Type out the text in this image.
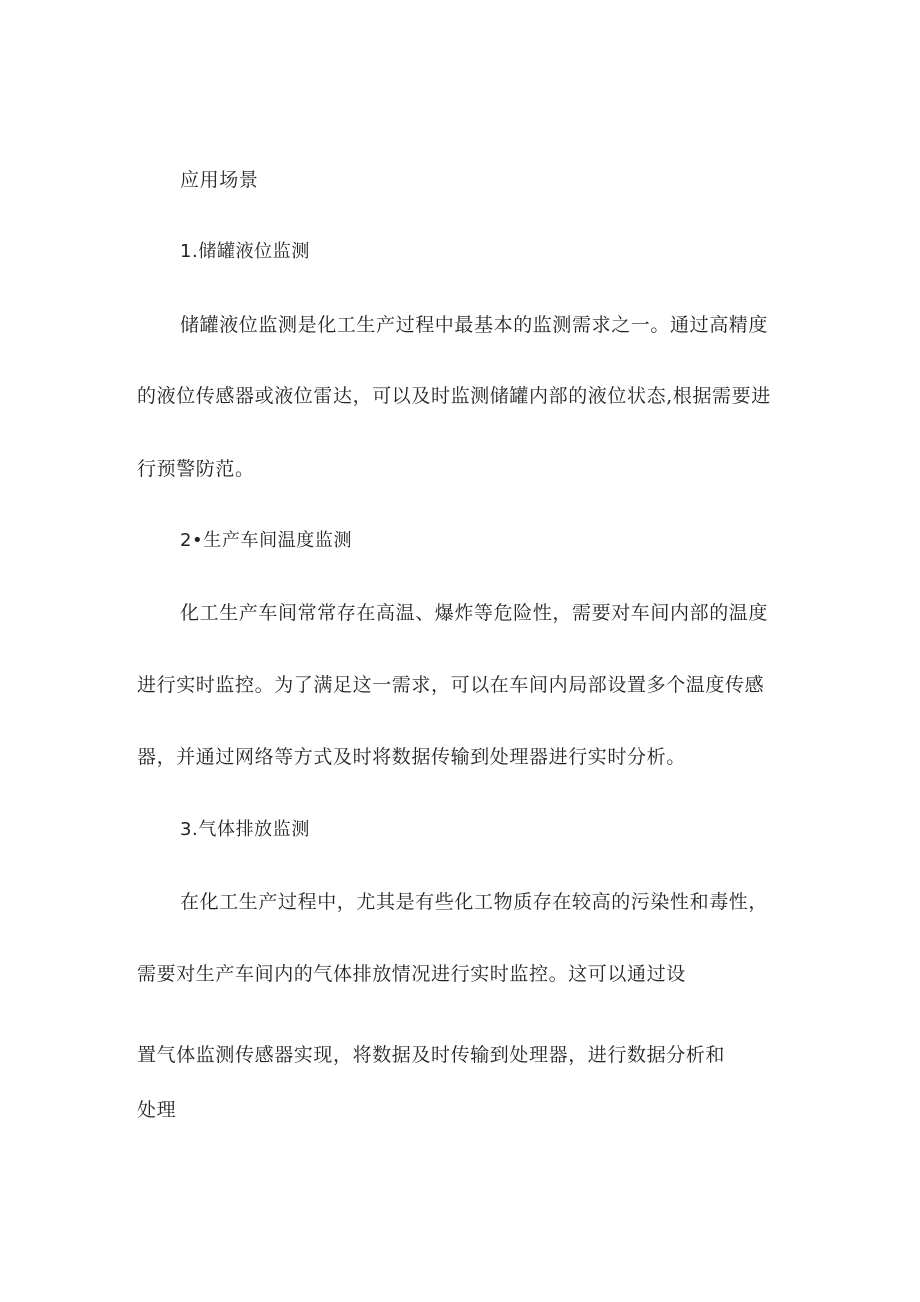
应用场景
1.储罐液位监测
储罐液位监测是化工生产过程中最基本的监测需求之一。通过高精度
的液位传感器或液位雷达，可以及时监测储罐内部的液位状态,根据需要进
行预警防范。
2•生产车间温度监测
化工生产车间常常存在高温、爆炸等危险性，需要对车间内部的温度
进行实时监控。为了满足这一需求，可以在车间内局部设置多个温度传感
器，并通过网络等方式及时将数据传输到处理器进行实时分析。
3.气体排放监测
在化工生产过程中，尤其是有些化工物质存在较高的污染性和毒性，
需要对生产车间内的气体排放情况进行实时监控。这可以通过设
置气体监测传感器实现，将数据及时传输到处理器，进行数据分析和
处理
